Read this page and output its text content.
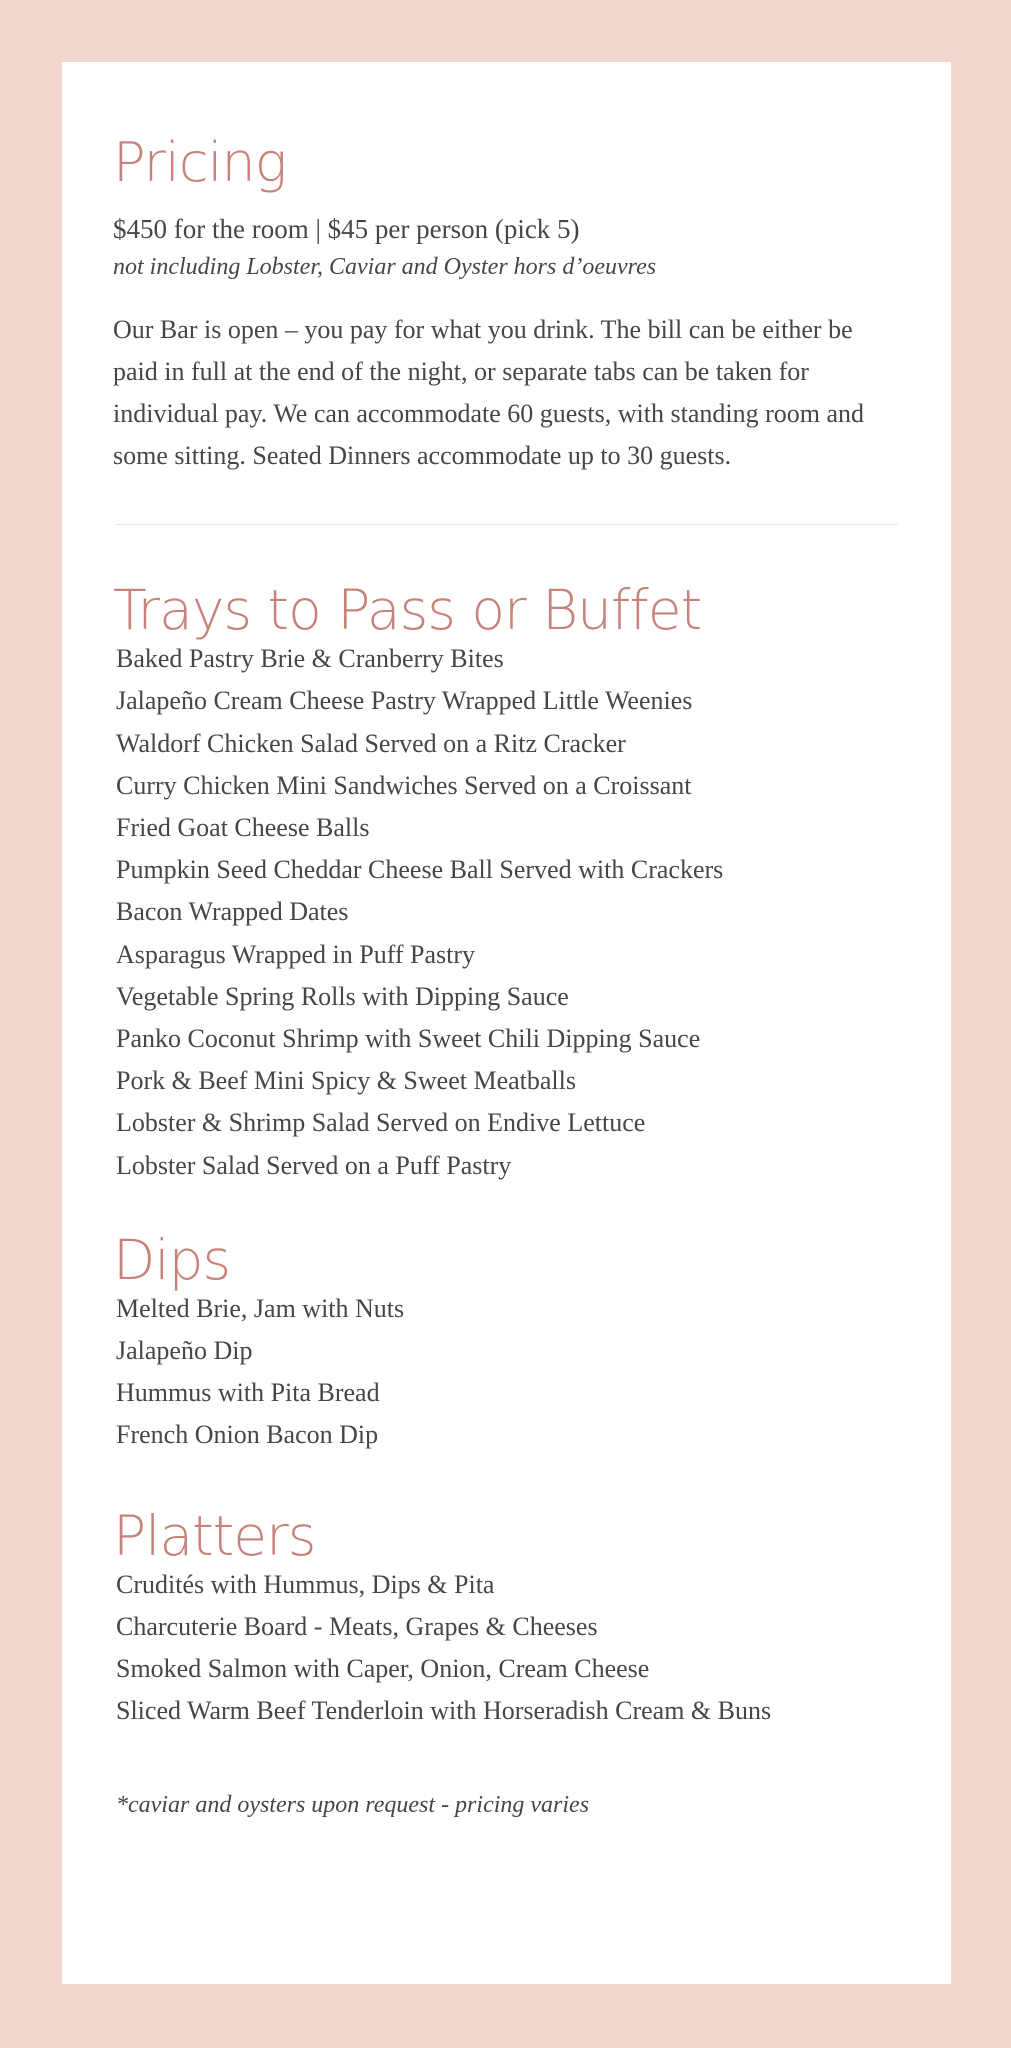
Pricing
$450 for the room | $45 per person (pick 5)
not including Lobster, Caviar and Oyster hors d’oeuvres

Our Bar is open – you pay for what you drink. The bill can be either be paid in full at the end of the night, or separate tabs can be taken for individual pay. We can accommodate 60 guests, with standing room and some sitting. Seated Dinners accommodate up to 30 guests.

Trays to Pass or Buffet
Baked Pastry Brie & Cranberry Bites
Jalapeño Cream Cheese Pastry Wrapped Little Weenies
Waldorf Chicken Salad Served on a Ritz Cracker
Curry Chicken Mini Sandwiches Served on a Croissant
Fried Goat Cheese Balls
Pumpkin Seed Cheddar Cheese Ball Served with Crackers
Bacon Wrapped Dates
Asparagus Wrapped in Puff Pastry
Vegetable Spring Rolls with Dipping Sauce
Panko Coconut Shrimp with Sweet Chili Dipping Sauce
Pork & Beef Mini Spicy & Sweet Meatballs
Lobster & Shrimp Salad Served on Endive Lettuce
Lobster Salad Served on a Puff Pastry
Dips
Melted Brie, Jam with Nuts
Jalapeño Dip
Hummus with Pita Bread
French Onion Bacon Dip
Platters
Crudités with Hummus, Dips & Pita
Charcuterie Board - Meats, Grapes & Cheeses
Smoked Salmon with Caper, Onion, Cream Cheese
Sliced Warm Beef Tenderloin with Horseradish Cream & Buns
*caviar and oysters upon request - pricing varies
